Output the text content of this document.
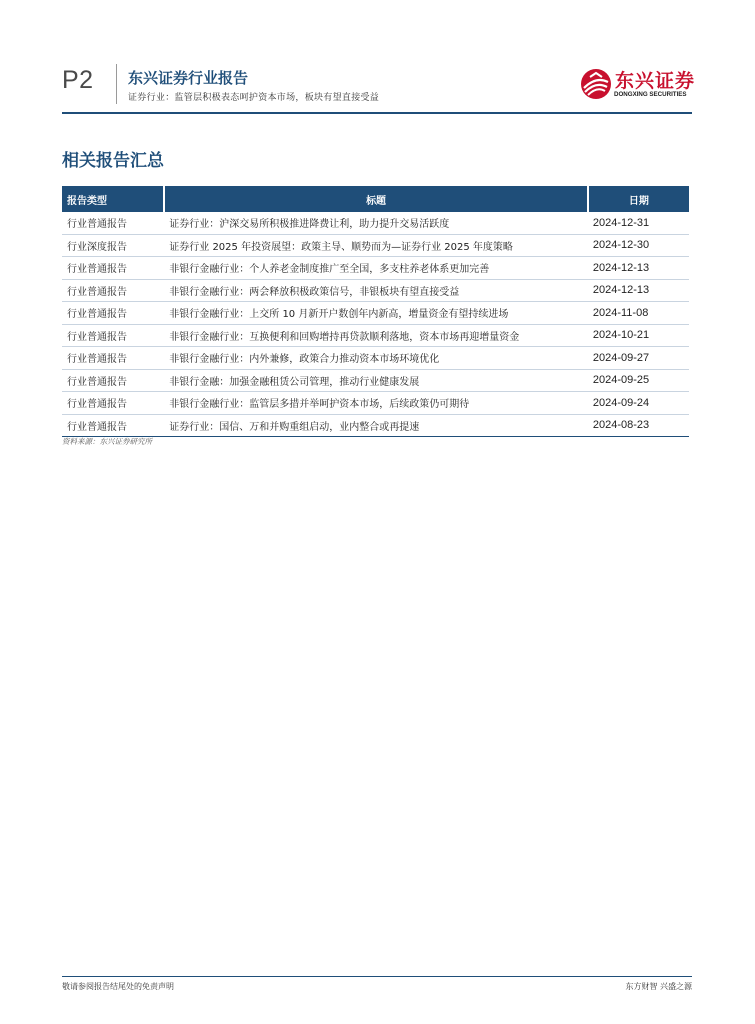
P2 东兴证券行业报告
证券行业：监管层积极表态呵护资本市场，板块有望直接受益
东兴证券
DONGXING SECURITIES
相关报告汇总
报告类型	标题	日期
行业普通报告	证券行业：沪深交易所积极推进降费让利，助力提升交易活跃度	2024-12-31
行业深度报告	证券行业 2025 年投资展望：政策主导、顺势而为—证券行业 2025 年度策略	2024-12-30
行业普通报告	非银行金融行业：个人养老金制度推广至全国，多支柱养老体系更加完善	2024-12-13
行业普通报告	非银行金融行业：两会释放积极政策信号，非银板块有望直接受益	2024-12-13
行业普通报告	非银行金融行业：上交所 10 月新开户数创年内新高，增量资金有望持续进场	2024-11-08
行业普通报告	非银行金融行业：互换便利和回购增持再贷款顺利落地，资本市场再迎增量资金	2024-10-21
行业普通报告	非银行金融行业：内外兼修，政策合力推动资本市场环境优化	2024-09-27
行业普通报告	非银行金融：加强金融租赁公司管理，推动行业健康发展	2024-09-25
行业普通报告	非银行金融行业：监管层多措并举呵护资本市场，后续政策仍可期待	2024-09-24
行业普通报告	证券行业：国信、万和并购重组启动，业内整合或再提速	2024-08-23
资料来源：东兴证券研究所
敬请参阅报告结尾处的免责声明	东方财智 兴盛之源
